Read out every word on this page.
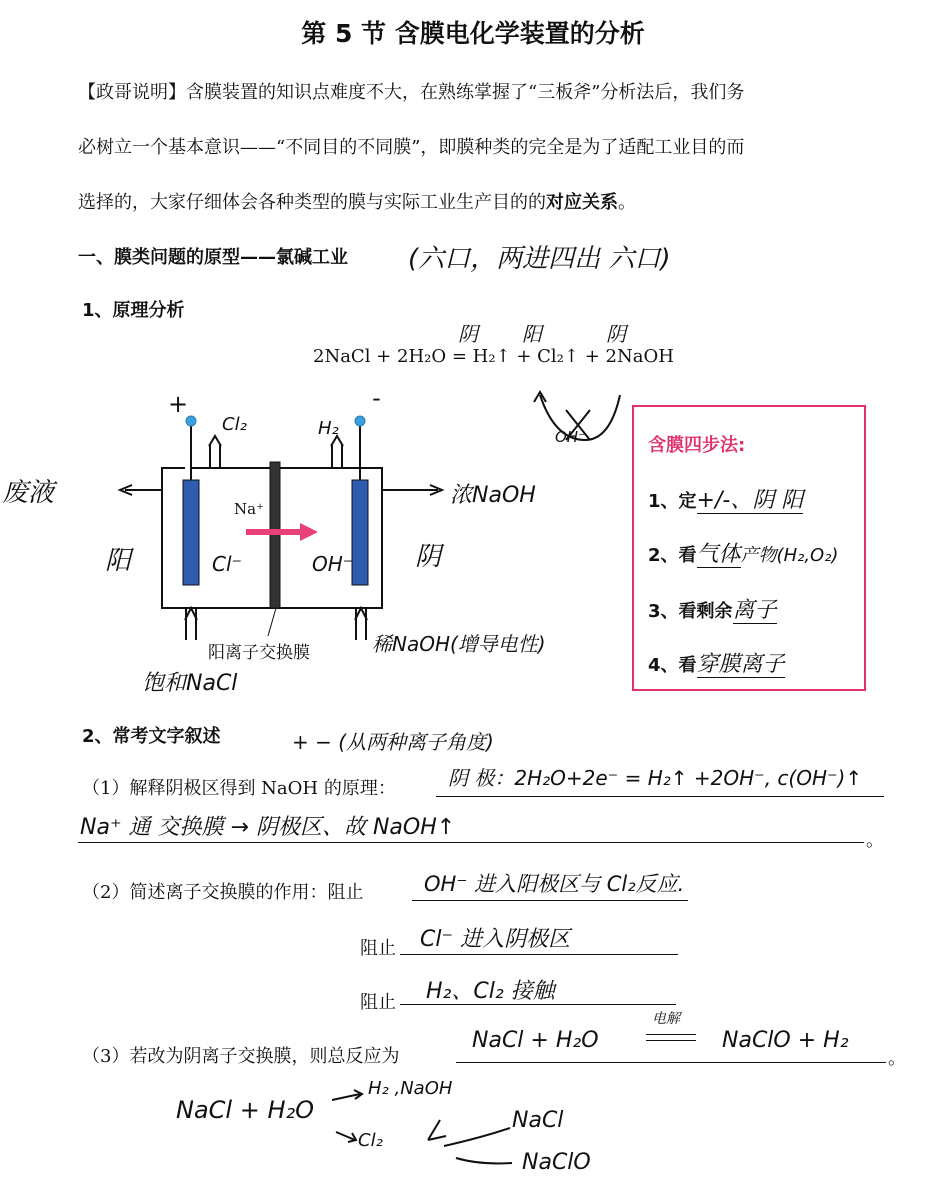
第 5 节 含膜电化学装置的分析
【政哥说明】含膜装置的知识点难度不大，在熟练掌握了“三板斧”分析法后，我们务
必树立一个基本意识——“不同目的不同膜”，即膜种类的完全是为了适配工业目的而
选择的，大家仔细体会各种类型的膜与实际工业生产目的的对应关系。
一、膜类问题的原型——氯碱工业 (六口，两进四出 六口)
1、原理分析
阴 阳	阴
2NaCl + 2H₂O = H₂↑ + Cl₂↑ + 2NaOH
+	-
Cl₂	H₂	OH⁻
Na⁺
Cl⁻	OH⁻
废液
阳	阴
浓NaOH
阳离子交换膜	稀NaOH(增导电性)
饱和NaCl
含膜四步法:
1、定+/-、阴 阳
2、看气体产物(H₂,O₂)
3、看剩余离子
4、看穿膜离子
2、常考文字叙述	+ − (从两种离子角度)
（1）解释阴极区得到 NaOH 的原理：	阴 极：2H₂O+2e⁻ = H₂↑ +2OH⁻, c(OH⁻)↑
Na⁺ 通 交换膜 → 阴极区、故 NaOH↑
。
（2）简述离子交换膜的作用：阻止	OH⁻ 进入阳极区与 Cl₂反应.
阻止 Cl⁻ 进入阴极区
阻止 H₂、Cl₂ 接触
（3）若改为阴离子交换膜，则总反应为
NaCl + H₂O
电解
NaClO + H₂
。
NaCl + H₂O
H₂ ,NaOH
Cl₂
NaCl
NaClO
